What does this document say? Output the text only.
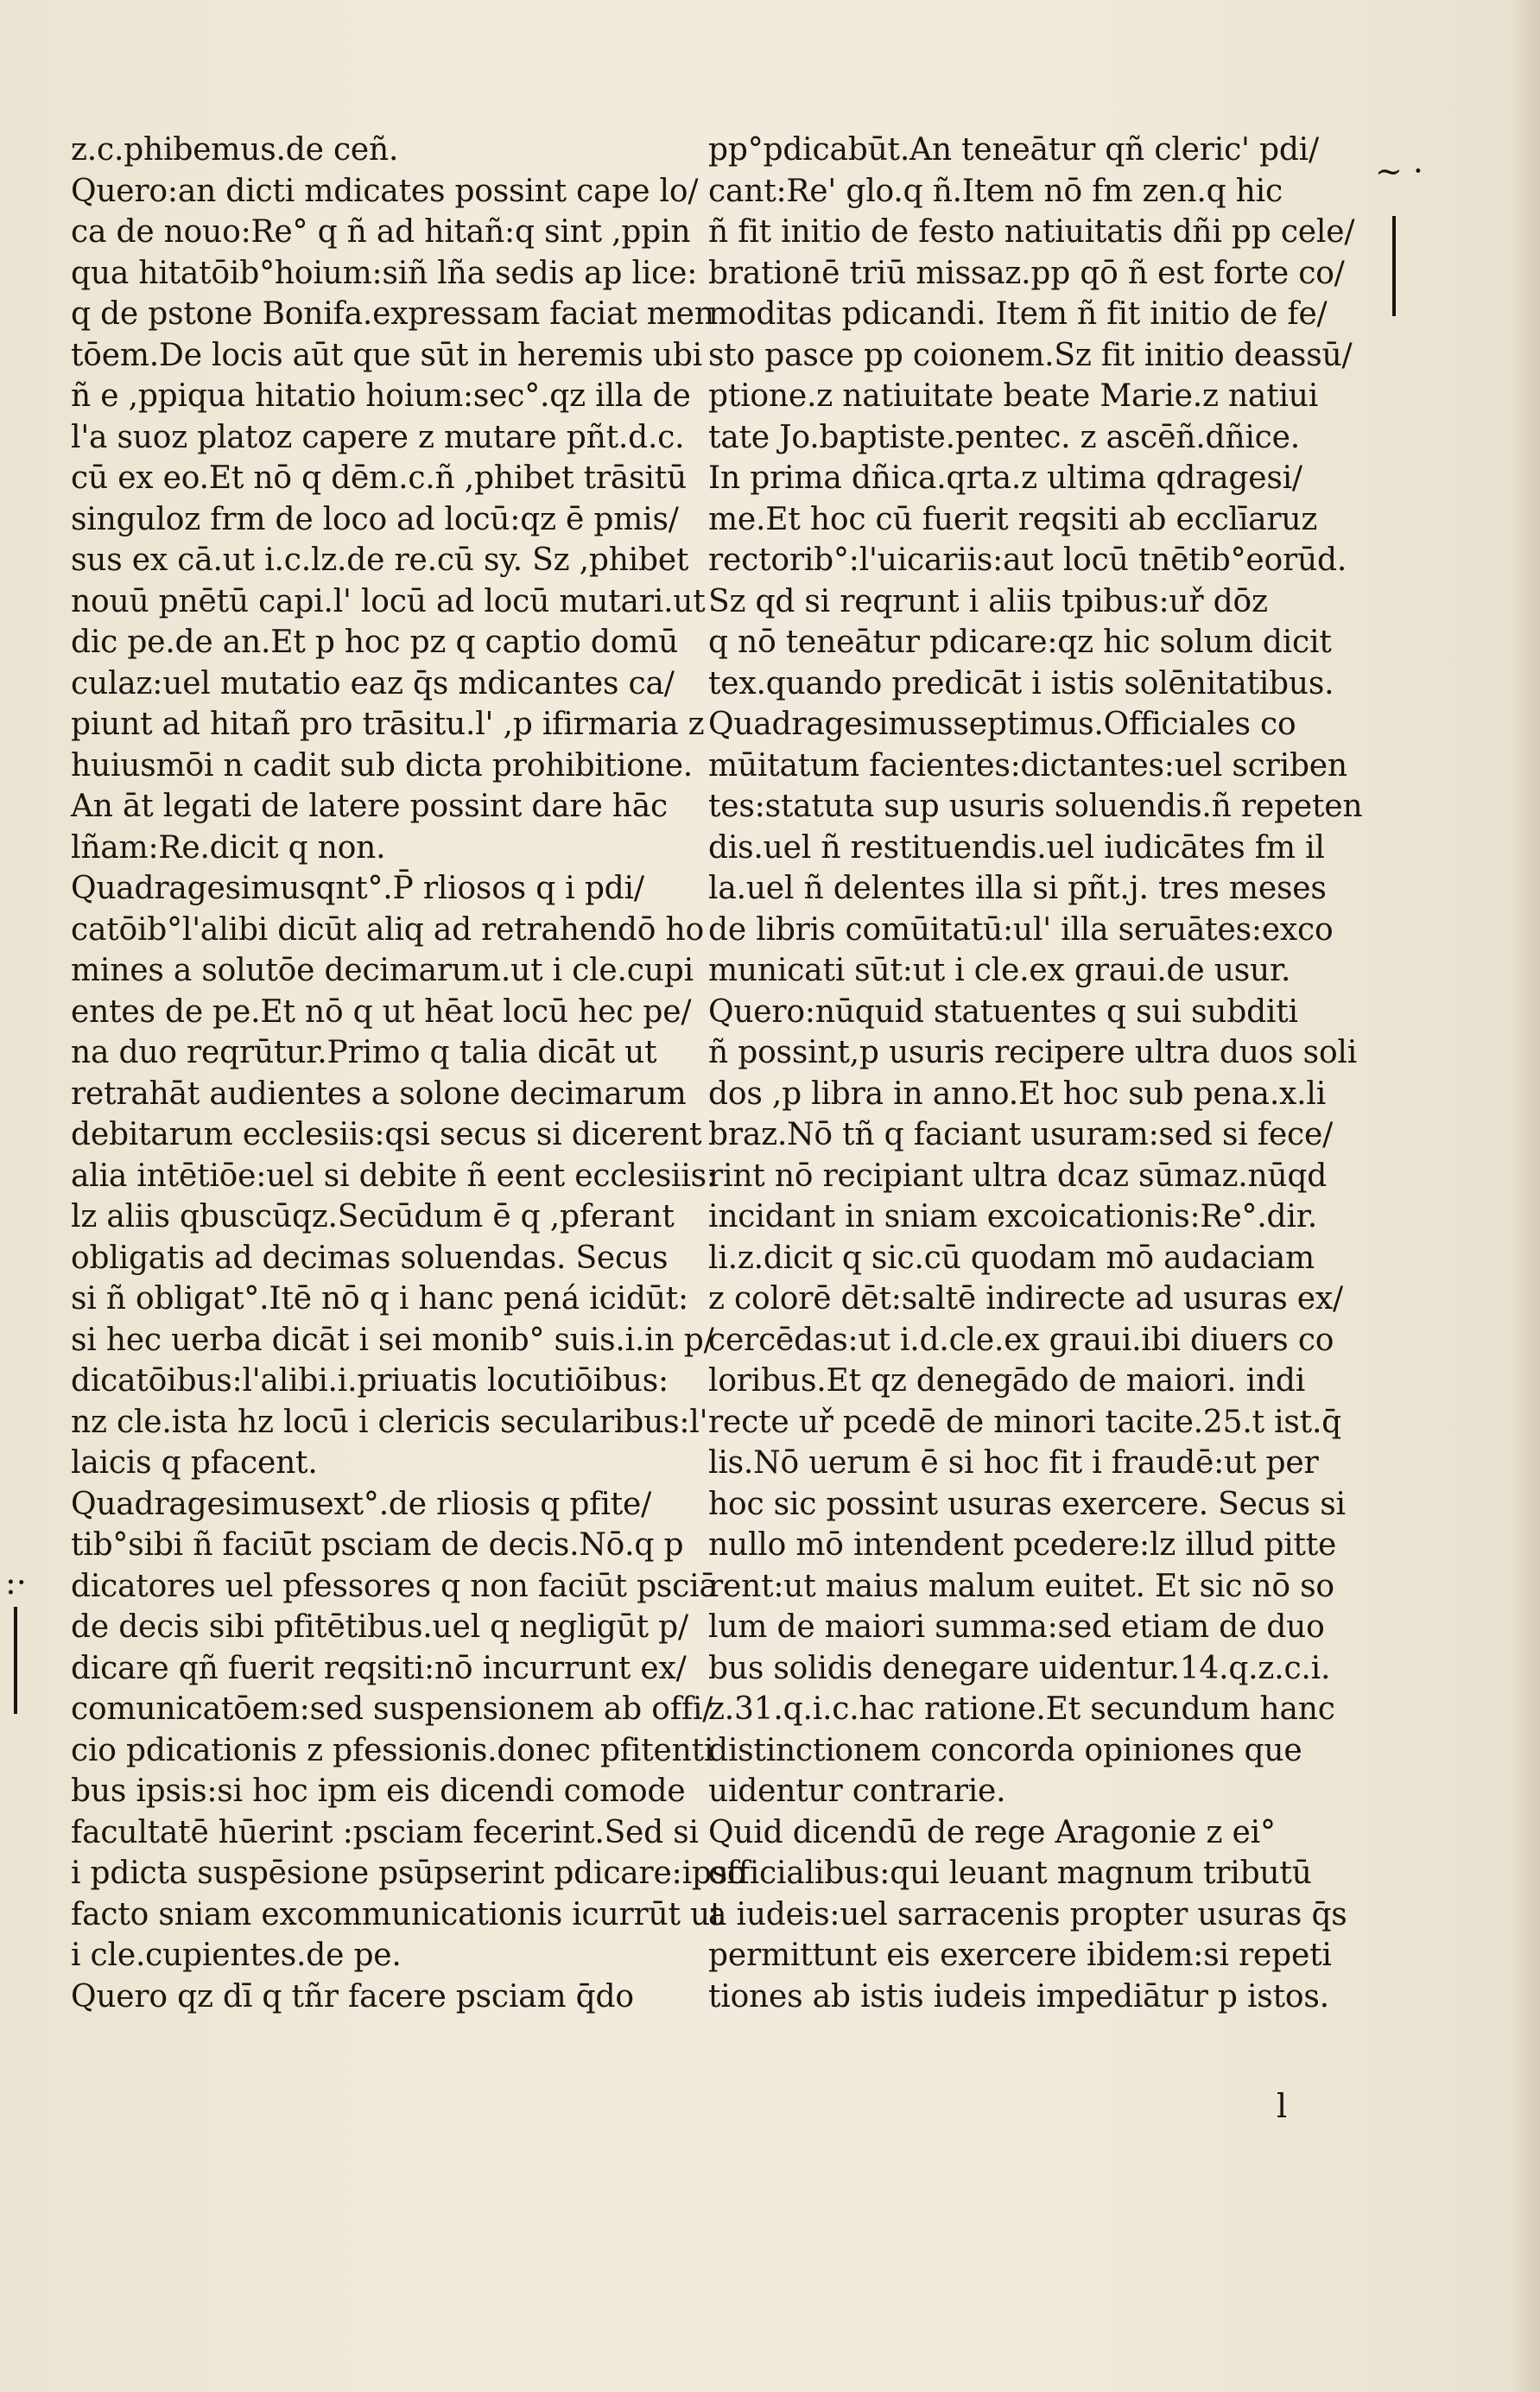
z.c.phibemus.de ceñ.
Quero:an dicti mdicates possint cape lo/
ca de nouo:Re° q ñ ad hitañ:q sint ,ppin
qua hitatōib°hoium:siñ lña sedis ap lice:
q de pstone Bonifa.expressam faciat men
tōem.De locis aūt que sūt in heremis ubi
ñ e ,ppiqua hitatio hoium:sec°.qz illa de
l'a suoz platoz capere z mutare pñt.d.c.
cū ex eo.Et nō q dēm.c.ñ ,phibet trāsitū
singuloz frm de loco ad locū:qz ē pmis/
sus ex cā.ut i.c.lz.de re.cū sy. Sz ,phibet
nouū pnētū capi.l' locū ad locū mutari.ut
dic pe.de an.Et p hoc pz q captio domū
culaz:uel mutatio eaz q̄s mdicantes ca/
piunt ad hitañ pro trāsitu.l' ,p ifirmaria z
huiusmōi n cadit sub dicta prohibitione.
An āt legati de latere possint dare hāc
lñam:Re.dicit q non.
Quadragesimusqnt°.P̄ rliosos q i pdi/
catōib°l'alibi dicūt aliq ad retrahendō ho
mines a solutōe decimarum.ut i cle.cupi
entes de pe.Et nō q ut hēat locū hec pe/
na duo reqrūtur.Primo q talia dicāt ut
retrahāt audientes a solone decimarum
debitarum ecclesiis:qsi secus si dicerent
alia intētiōe:uel si debite ñ eent ecclesiis:
lz aliis qbuscūqz.Secūdum ē q ,pferant
obligatis ad decimas soluendas. Secus
si ñ obligat°.Itē nō q i hanc pená icidūt:
si hec uerba dicāt i sei monib° suis.i.in p/
dicatōibus:l'alibi.i.priuatis locutiōibus:
nz cle.ista hz locū i clericis secularibus:l'
laicis q pfacent.
Quadragesimusext°.de rliosis q pfite/
tib°sibi ñ faciūt psciam de decis.Nō.q p
dicatores uel pfessores q non faciūt psciā
de decis sibi pfitētibus.uel q negligūt p/
dicare qñ fuerit reqsiti:nō incurrunt ex/
comunicatōem:sed suspensionem ab offi/
cio pdicationis z pfessionis.donec pfitenti
bus ipsis:si hoc ipm eis dicendi comode
facultatē hūerint :psciam fecerint.Sed si
i pdicta suspēsione psūpserint pdicare:ipso
facto sniam excommunicationis icurrūt ut
i cle.cupientes.de pe.
Quero qz dī q tñr facere psciam q̄do
pp°pdicabūt.An teneātur qñ cleric' pdi/
cant:Re' glo.q ñ.Item nō fm zen.q hic
ñ fit initio de festo natiuitatis dñi pp cele/
brationē triū missaz.pp qō ñ est forte co/
moditas pdicandi. Item ñ fit initio de fe/
sto pasce pp coionem.Sz fit initio deassū/
ptione.z natiuitate beate Marie.z natiui
tate Jo.baptiste.pentec. z ascēñ.dñice.
In prima dñica.qrta.z ultima qdragesi/
me.Et hoc cū fuerit reqsiti ab ecclīaruz
rectorib°:l'uicariis:aut locū tnētib°eorūd.
Sz qd si reqrunt i aliis tpibus:uř dōz
q nō teneātur pdicare:qz hic solum dicit
tex.quando predicāt i istis solēnitatibus.
Quadragesimusseptimus.Officiales co
mūitatum facientes:dictantes:uel scriben
tes:statuta sup usuris soluendis.ñ repeten
dis.uel ñ restituendis.uel iudicātes fm il
la.uel ñ delentes illa si pñt.j. tres meses
de libris comūitatū:ul' illa seruātes:exco
municati sūt:ut i cle.ex graui.de usur.
Quero:nūquid statuentes q sui subditi
ñ possint,p usuris recipere ultra duos soli
dos ,p libra in anno.Et hoc sub pena.x.li
braz.Nō tñ q faciant usuram:sed si fece/
rint nō recipiant ultra dcaz sūmaz.nūqd
incidant in sniam excoicationis:Re°.dir.
li.z.dicit q sic.cū quodam mō audaciam
z colorē dēt:saltē indirecte ad usuras ex/
cercēdas:ut i.d.cle.ex graui.ibi diuers co
loribus.Et qz denegādo de maiori. indi
recte uř pcedē de minori tacite.25.t ist.q̄
lis.Nō uerum ē si hoc fit i fraudē:ut per
hoc sic possint usuras exercere. Secus si
nullo mō intendent pcedere:lz illud pitte
rent:ut maius malum euitet. Et sic nō so
lum de maiori summa:sed etiam de duo
bus solidis denegare uidentur.14.q.z.c.i.
z.31.q.i.c.hac ratione.Et secundum hanc
distinctionem concorda opiniones que
uidentur contrarie.
Quid dicendū de rege Aragonie z ei°
officialibus:qui leuant magnum tributū
a iudeis:uel sarracenis propter usuras q̄s
permittunt eis exercere ibidem:si repeti
tiones ab istis iudeis impediātur p istos.
l
~ ·
:·
